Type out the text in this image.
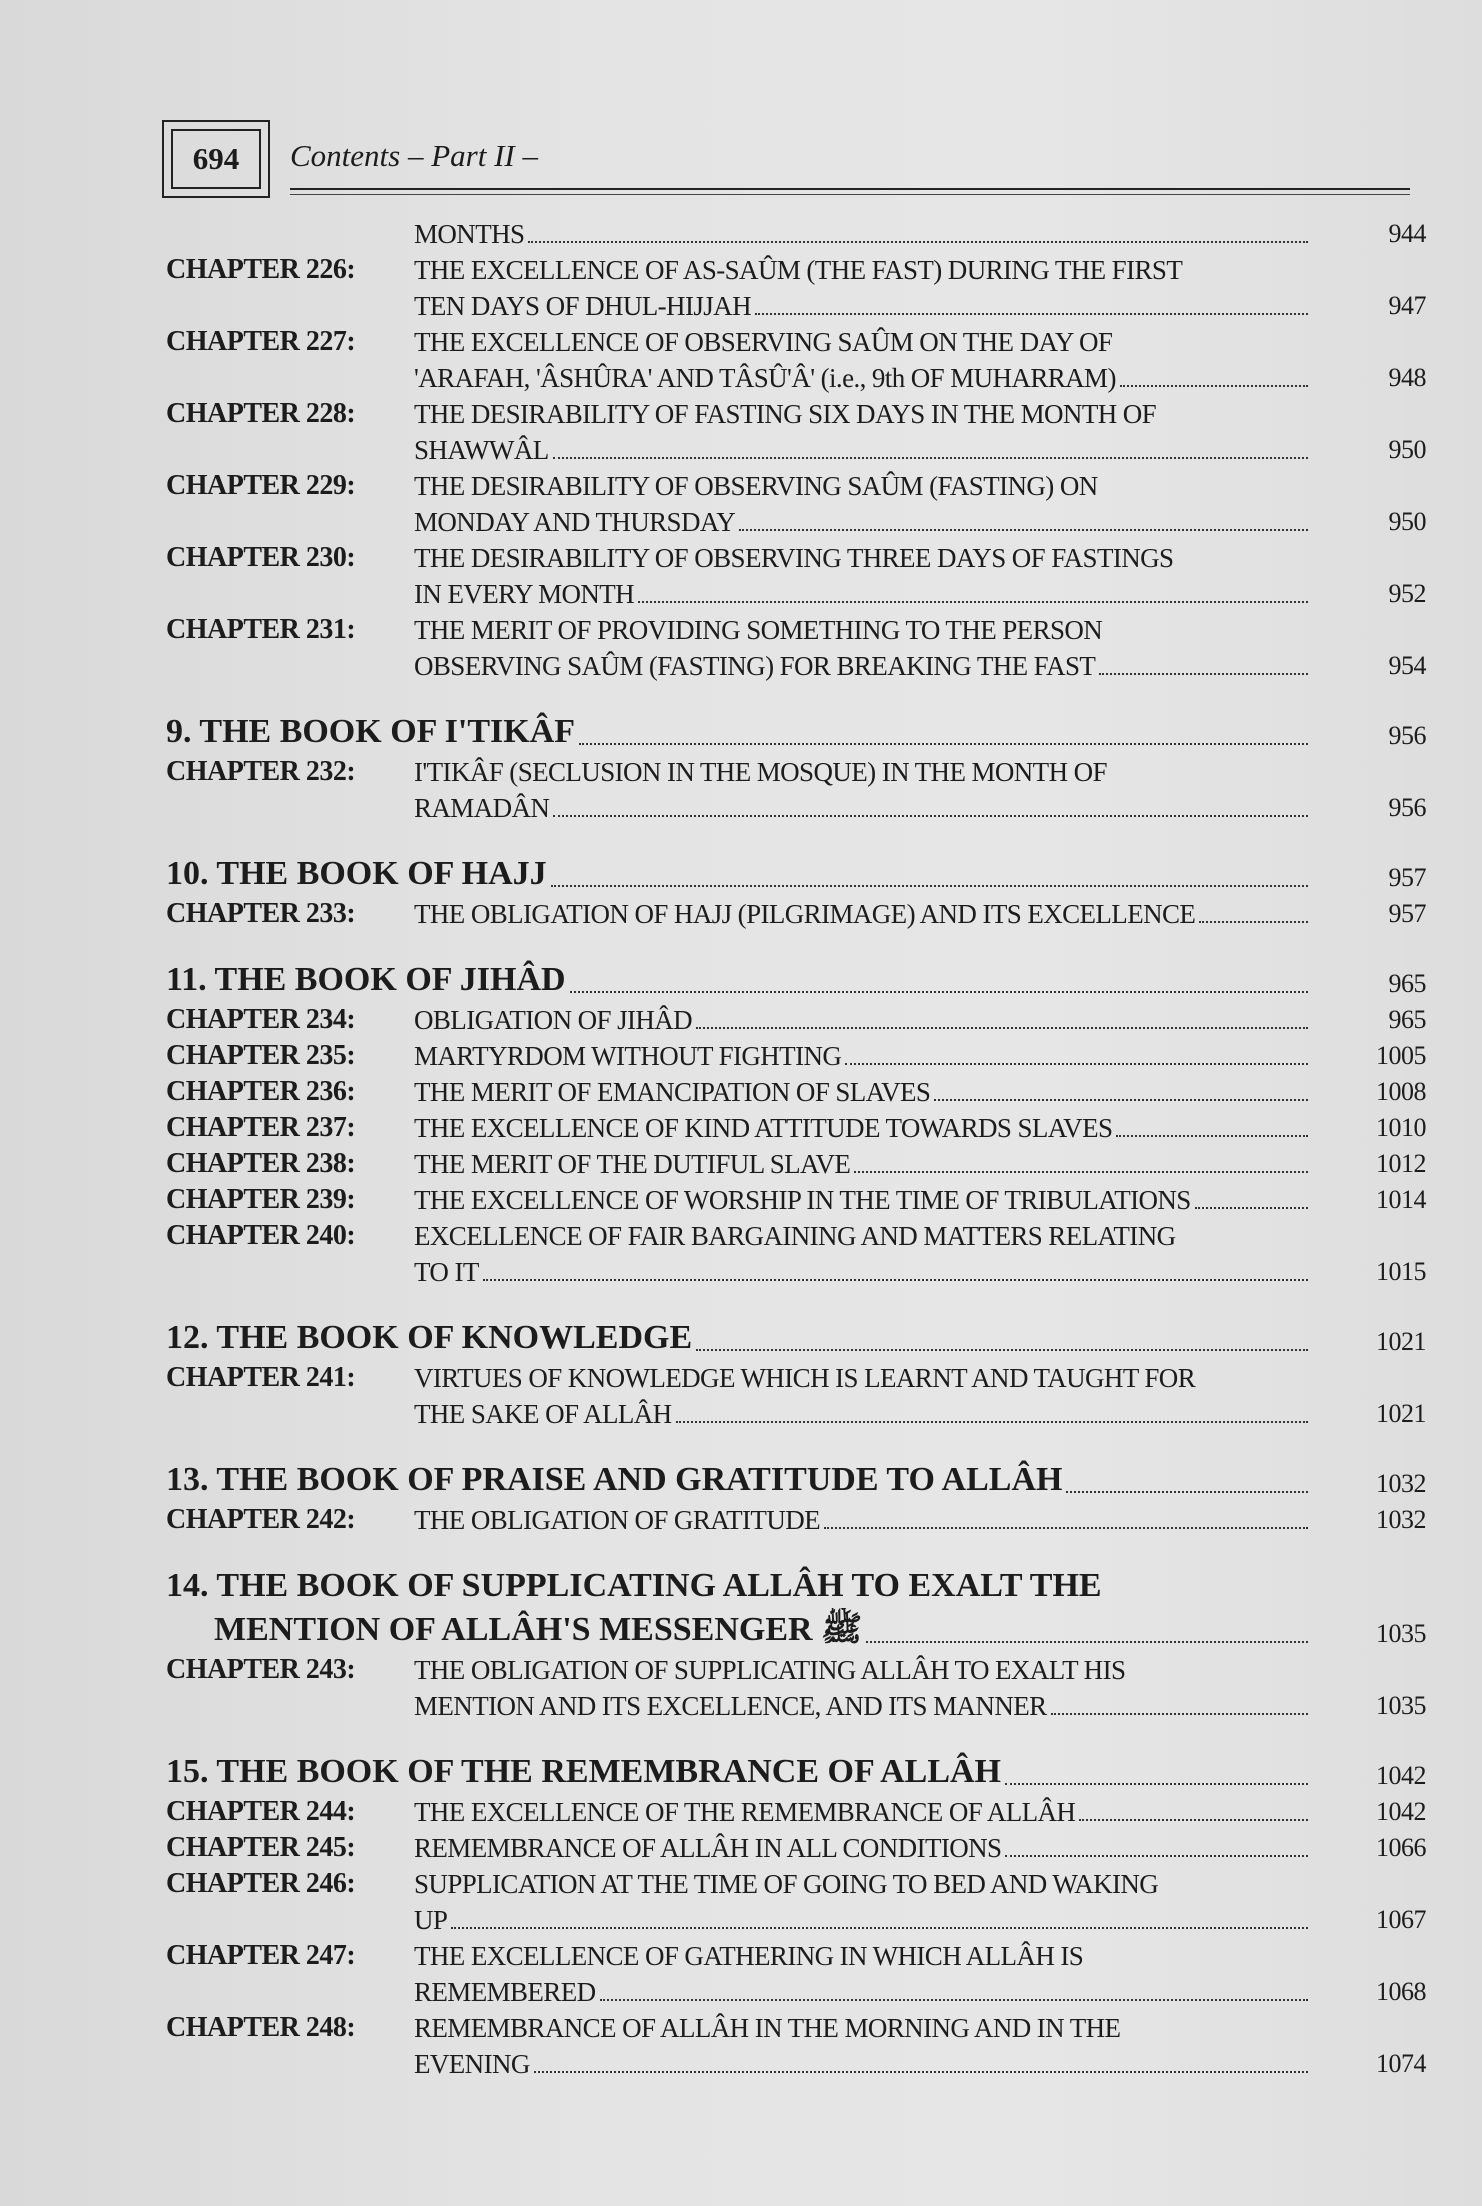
694	Contents – Part II –
MONTHS	944
CHAPTER 226:	THE EXCELLENCE OF AS-SAÛM (THE FAST) DURING THE FIRST
TEN DAYS OF DHUL-HIJJAH	947
CHAPTER 227:	THE EXCELLENCE OF OBSERVING SAÛM ON THE DAY OF
'ARAFAH, 'ÂSHÛRA' AND TÂSÛ'Â' (i.e., 9th OF MUHARRAM)	948
CHAPTER 228:	THE DESIRABILITY OF FASTING SIX DAYS IN THE MONTH OF
SHAWWÂL	950
CHAPTER 229:	THE DESIRABILITY OF OBSERVING SAÛM (FASTING) ON
MONDAY AND THURSDAY	950
CHAPTER 230:	THE DESIRABILITY OF OBSERVING THREE DAYS OF FASTINGS
IN EVERY MONTH	952
CHAPTER 231:	THE MERIT OF PROVIDING SOMETHING TO THE PERSON
OBSERVING SAÛM (FASTING) FOR BREAKING THE FAST	954
9. THE BOOK OF I'TIKÂF	956
CHAPTER 232:	I'TIKÂF (SECLUSION IN THE MOSQUE) IN THE MONTH OF
RAMADÂN	956
10. THE BOOK OF HAJJ	957
CHAPTER 233:	THE OBLIGATION OF HAJJ (PILGRIMAGE) AND ITS EXCELLENCE	957
11. THE BOOK OF JIHÂD	965
CHAPTER 234:	OBLIGATION OF JIHÂD	965
CHAPTER 235:	MARTYRDOM WITHOUT FIGHTING	1005
CHAPTER 236:	THE MERIT OF EMANCIPATION OF SLAVES	1008
CHAPTER 237:	THE EXCELLENCE OF KIND ATTITUDE TOWARDS SLAVES	1010
CHAPTER 238:	THE MERIT OF THE DUTIFUL SLAVE	1012
CHAPTER 239:	THE EXCELLENCE OF WORSHIP IN THE TIME OF TRIBULATIONS	1014
CHAPTER 240:	EXCELLENCE OF FAIR BARGAINING AND MATTERS RELATING
TO IT	1015
12. THE BOOK OF KNOWLEDGE	1021
CHAPTER 241:	VIRTUES OF KNOWLEDGE WHICH IS LEARNT AND TAUGHT FOR
THE SAKE OF ALLÂH	1021
13. THE BOOK OF PRAISE AND GRATITUDE TO ALLÂH	1032
CHAPTER 242:	THE OBLIGATION OF GRATITUDE	1032
14. THE BOOK OF SUPPLICATING ALLÂH TO EXALT THE
MENTION OF ALLÂH'S MESSENGER ﷺ	1035
CHAPTER 243:	THE OBLIGATION OF SUPPLICATING ALLÂH TO EXALT HIS
MENTION AND ITS EXCELLENCE, AND ITS MANNER	1035
15. THE BOOK OF THE REMEMBRANCE OF ALLÂH	1042
CHAPTER 244:	THE EXCELLENCE OF THE REMEMBRANCE OF ALLÂH	1042
CHAPTER 245:	REMEMBRANCE OF ALLÂH IN ALL CONDITIONS	1066
CHAPTER 246:	SUPPLICATION AT THE TIME OF GOING TO BED AND WAKING
UP	1067
CHAPTER 247:	THE EXCELLENCE OF GATHERING IN WHICH ALLÂH IS
REMEMBERED	1068
CHAPTER 248:	REMEMBRANCE OF ALLÂH IN THE MORNING AND IN THE
EVENING	1074
